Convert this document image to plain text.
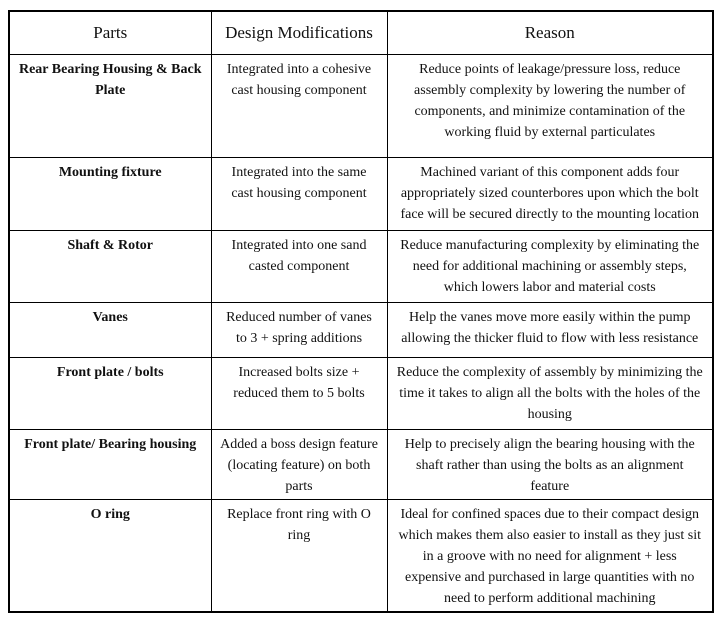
Parts	Design Modifications	Reason
Rear Bearing Housing & Back Plate	Integrated into a cohesive cast housing component	Reduce points of leakage/pressure loss, reduce assembly complexity by lowering the number of components, and minimize contamination of the working fluid by external particulates
Mounting fixture	Integrated into the same cast housing component	Machined variant of this component adds four appropriately sized counterbores upon which the bolt face will be secured directly to the mounting location
Shaft & Rotor	Integrated into one sand casted component	Reduce manufacturing complexity by eliminating the need for additional machining or assembly steps, which lowers labor and material costs
Vanes	Reduced number of vanes to 3 + spring additions	Help the vanes move more easily within the pump allowing the thicker fluid to flow with less resistance
Front plate / bolts	Increased bolts size + reduced them to 5 bolts	Reduce the complexity of assembly by minimizing the time it takes to align all the bolts with the holes of the housing
Front plate/ Bearing housing	Added a boss design feature (locating feature) on both parts	Help to precisely align the bearing housing with the shaft rather than using the bolts as an alignment feature
O ring	Replace front ring with O ring	Ideal for confined spaces due to their compact design which makes them also easier to install as they just sit in a groove with no need for alignment + less expensive and purchased in large quantities with no need to perform additional machining
